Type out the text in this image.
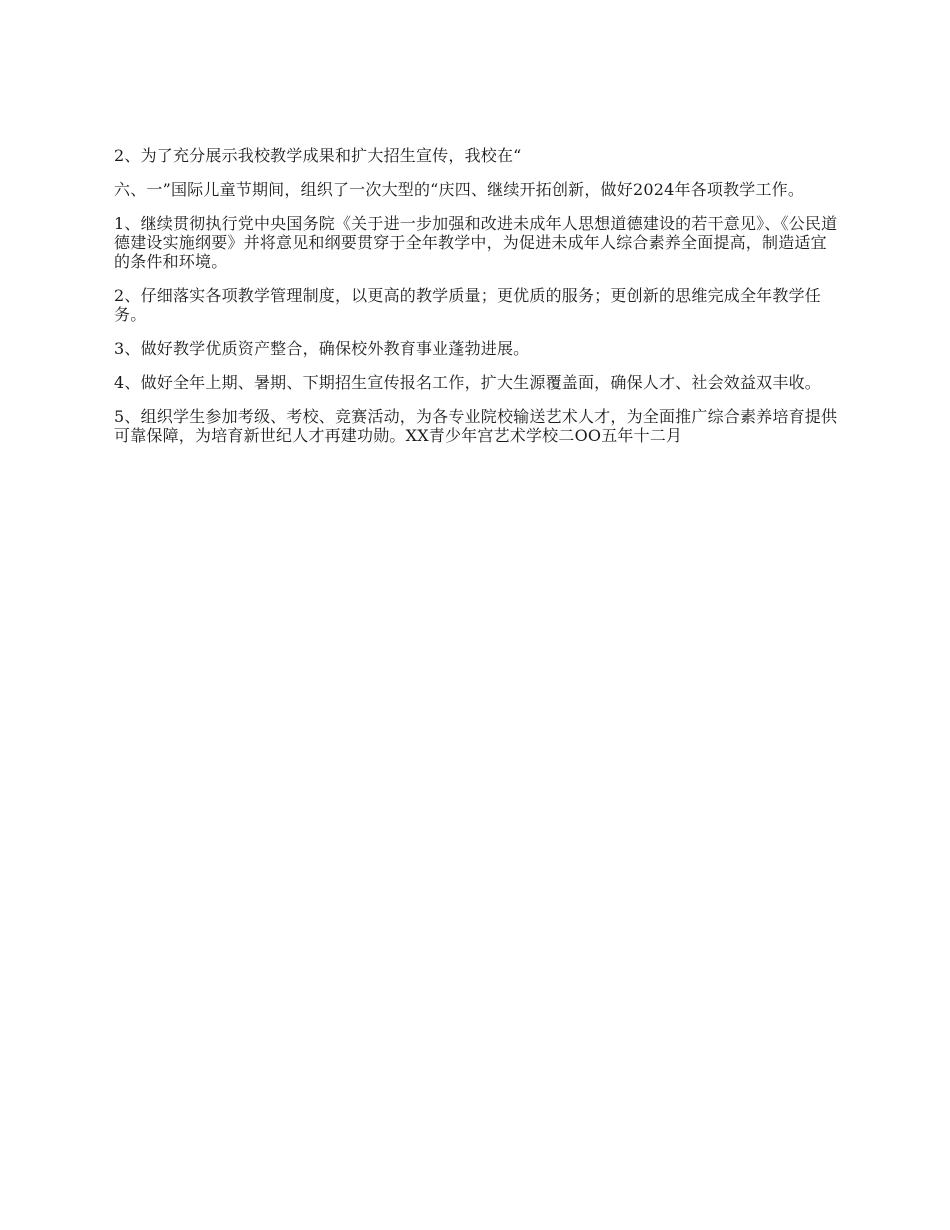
2、为了充分展示我校教学成果和扩大招生宣传，我校在“

六、一”国际儿童节期间，组织了一次大型的“庆四、继续开拓创新，做好2024年各项教学工作。

1、继续贯彻执行党中央国务院《关于进一步加强和改进未成年人思想道德建设的若干意见》、《公民道德建设实施纲要》并将意见和纲要贯穿于全年教学中，为促进未成年人综合素养全面提高，制造适宜的条件和环境。

2、仔细落实各项教学管理制度，以更高的教学质量；更优质的服务；更创新的思维完成全年教学任务。

3、做好教学优质资产整合，确保校外教育事业蓬勃进展。

4、做好全年上期、暑期、下期招生宣传报名工作，扩大生源覆盖面，确保人才、社会效益双丰收。

5、组织学生参加考级、考校、竞赛活动，为各专业院校输送艺术人才，为全面推广综合素养培育提供可靠保障，为培育新世纪人才再建功勋。XX青少年宫艺术学校二OO五年十二月
